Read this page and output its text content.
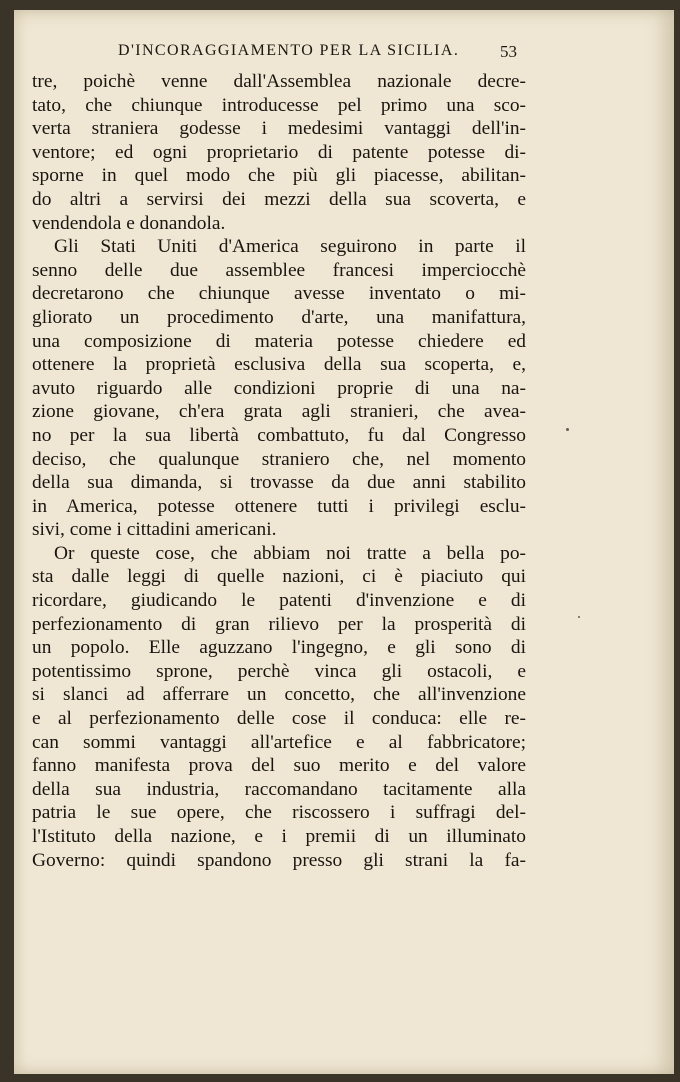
D'INCORAGGIAMENTO PER LA SICILIA. 53
tre, poichè venne dall'Assemblea nazionale decre-
tato, che chiunque introducesse pel primo una sco-
verta straniera godesse i medesimi vantaggi dell'in-
ventore; ed ogni proprietario di patente potesse di-
sporne in quel modo che più gli piacesse, abilitan-
do altri a servirsi dei mezzi della sua scoverta, e
vendendola e donandola.
Gli Stati Uniti d'America seguirono in parte il
senno delle due assemblee francesi imperciocchè
decretarono che chiunque avesse inventato o mi-
gliorato un procedimento d'arte, una manifattura,
una composizione di materia potesse chiedere ed
ottenere la proprietà esclusiva della sua scoperta, e,
avuto riguardo alle condizioni proprie di una na-
zione giovane, ch'era grata agli stranieri, che avea-
no per la sua libertà combattuto, fu dal Congresso
deciso, che qualunque straniero che, nel momento
della sua dimanda, si trovasse da due anni stabilito
in America, potesse ottenere tutti i privilegi esclu-
sivi, come i cittadini americani.
Or queste cose, che abbiam noi tratte a bella po-
sta dalle leggi di quelle nazioni, ci è piaciuto qui
ricordare, giudicando le patenti d'invenzione e di
perfezionamento di gran rilievo per la prosperità di
un popolo. Elle aguzzano l'ingegno, e gli sono di
potentissimo sprone, perchè vinca gli ostacoli, e
si slanci ad afferrare un concetto, che all'invenzione
e al perfezionamento delle cose il conduca: elle re-
can sommi vantaggi all'artefice e al fabbricatore;
fanno manifesta prova del suo merito e del valore
della sua industria, raccomandano tacitamente alla
patria le sue opere, che riscossero i suffragi del-
l'Istituto della nazione, e i premii di un illuminato
Governo: quindi spandono presso gli strani la fa-
